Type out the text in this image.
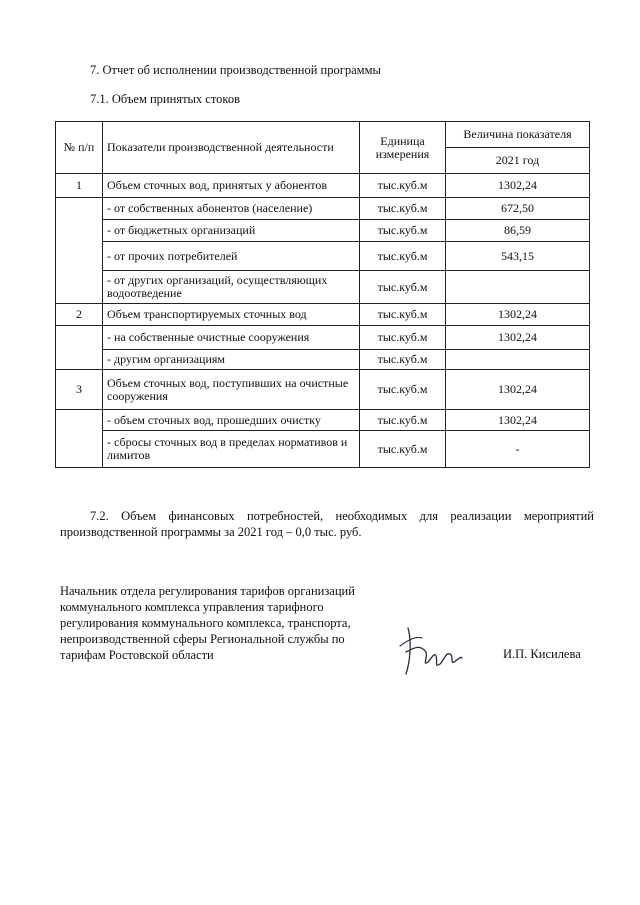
7. Отчет об исполнении производственной программы
7.1. Объем принятых стоков
№ п/п	Показатели производственной деятельности	Единица измерения	Величина показателя
			2021 год
1	Объем сточных вод, принятых у абонентов	тыс.куб.м	1302,24
	- от собственных абонентов (население)	тыс.куб.м	672,50
	- от бюджетных организаций	тыс.куб.м	86,59
	- от прочих потребителей	тыс.куб.м	543,15
	- от других организаций, осуществляющих водоотведение	тыс.куб.м	
2	Объем транспортируемых сточных вод	тыс.куб.м	1302,24
	- на собственные очистные сооружения	тыс.куб.м	1302,24
	- другим организациям	тыс.куб.м	
3	Объем сточных вод, поступивших на очистные сооружения	тыс.куб.м	1302,24
	- объем сточных вод, прошедших очистку	тыс.куб.м	1302,24
	- сбросы сточных вод в пределах нормативов и лимитов	тыс.куб.м	-
7.2. Объем финансовых потребностей, необходимых для реализации мероприятий производственной программы за 2021 год – 0,0 тыс. руб.
Начальник отдела регулирования тарифов организаций коммунального комплекса управления тарифного регулирования коммунального комплекса, транспорта, непроизводственной сферы Региональной службы по тарифам Ростовской области	И.П. Кисилева
